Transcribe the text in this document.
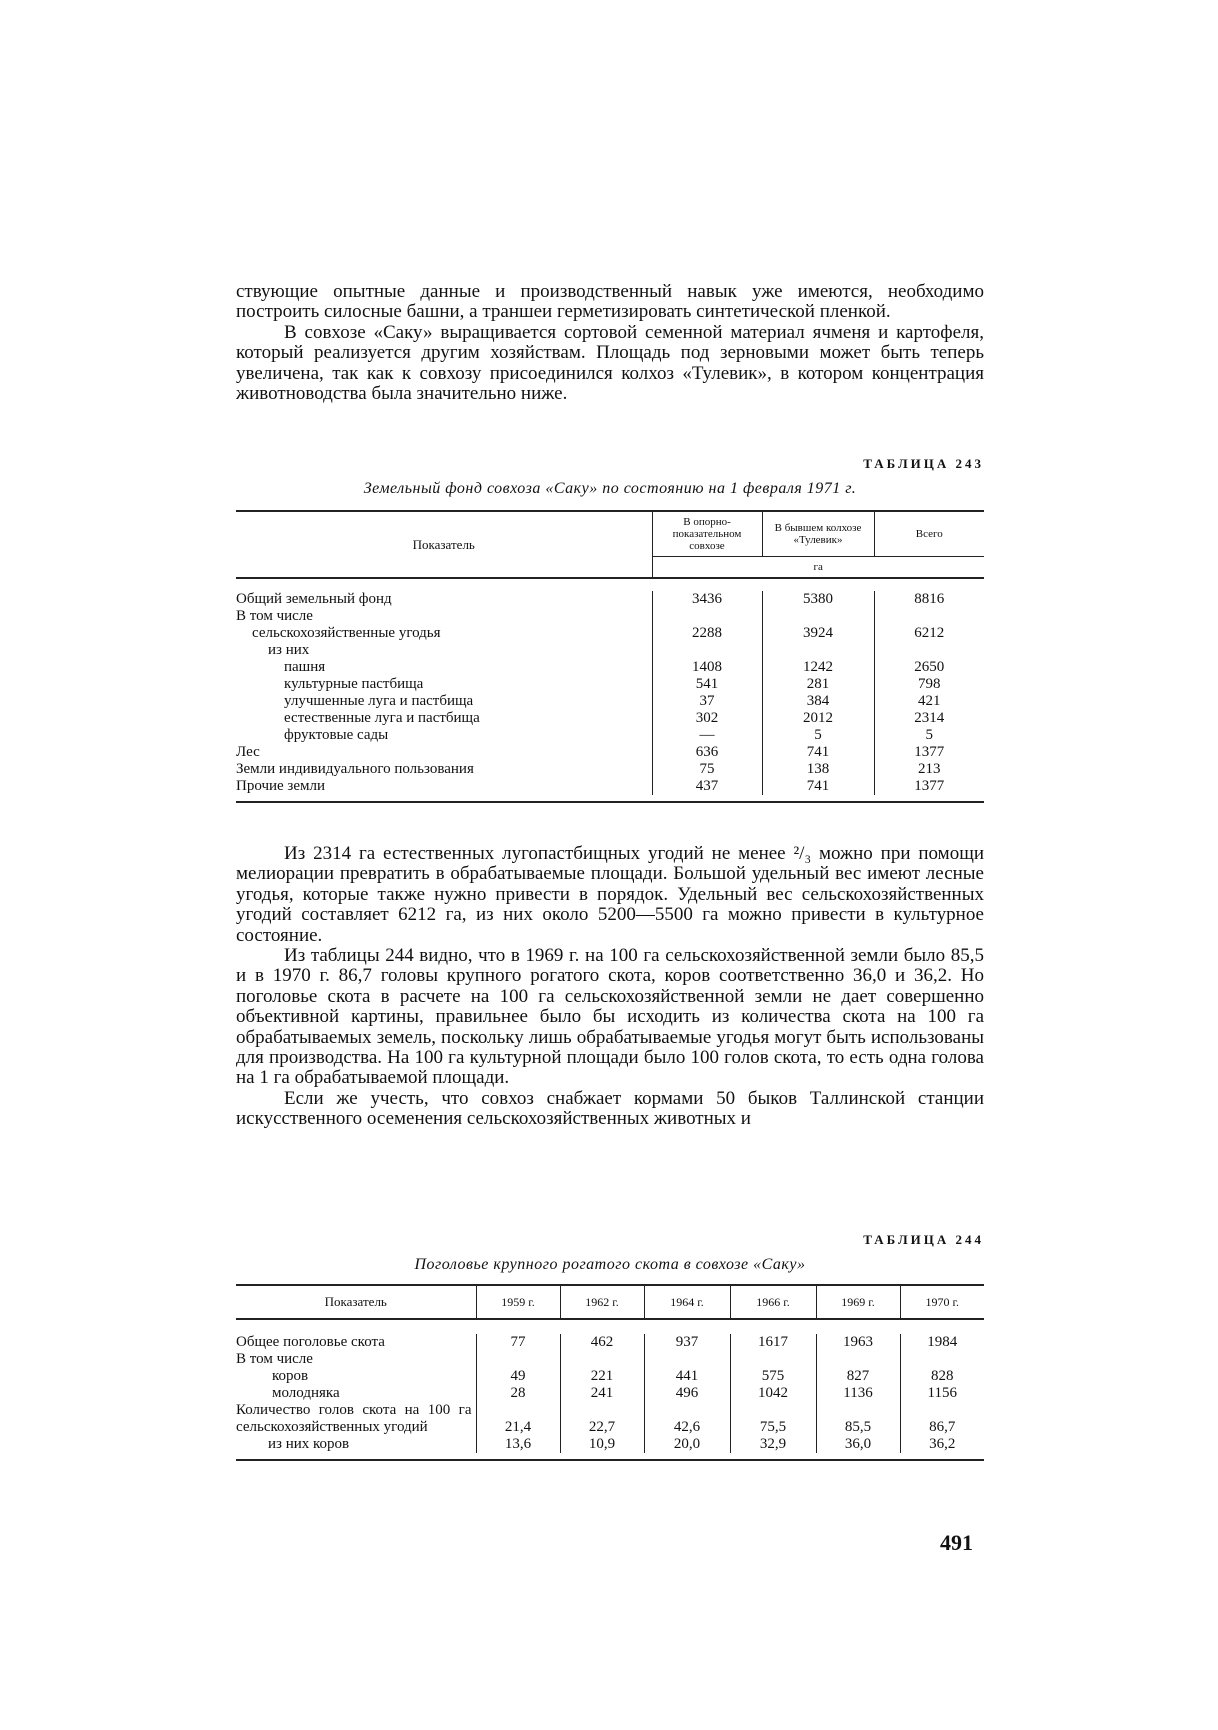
ствующие опытные данные и производственный навык уже имеются, необходимо построить силосные башни, а траншеи герметизировать синтетической пленкой.

В совхозе «Саку» выращивается сортовой семенной материал ячменя и картофеля, который реализуется другим хозяйствам. Площадь под зерновыми может быть теперь увеличена, так как к совхозу присоединился колхоз «Тулевик», в котором концентрация животноводства была значительно ниже.

ТАБЛИЦА 243
Земельный фонд совхоза «Саку» по состоянию на 1 февраля 1971 г.
Показатель	В опорно-показательном совхозе	В бывшем колхозе «Тулевик»	Всего
	га		

Общий земельный фонд	3436	5380	8816
В том числе			
сельскохозяйственные угодья	2288	3924	6212
из них			
пашня	1408	1242	2650
культурные пастбища	541	281	798
улучшенные луга и пастбища	37	384	421
естественные луга и пастбища	302	2012	2314
фруктовые сады	—	5	5
Лес	636	741	1377
Земли индивидуального пользования	75	138	213
Прочие земли	437	741	1377

Из 2314 га естественных лугопастбищных угодий не менее ²/₃ можно при помощи мелиорации превратить в обрабатываемые площади. Большой удельный вес имеют лесные угодья, которые также нужно привести в порядок. Удельный вес сельскохозяйственных угодий составляет 6212 га, из них около 5200—5500 га можно привести в культурное состояние.

Из таблицы 244 видно, что в 1969 г. на 100 га сельскохозяйственной земли было 85,5 и в 1970 г. 86,7 головы крупного рогатого скота, коров соответственно 36,0 и 36,2. Но поголовье скота в расчете на 100 га сельскохозяйственной земли не дает совершенно объективной картины, правильнее было бы исходить из количества скота на 100 га обрабатываемых земель, поскольку лишь обрабатываемые угодья могут быть использованы для производства. На 100 га культурной площади было 100 голов скота, то есть одна голова на 1 га обрабатываемой площади.

Если же учесть, что совхоз снабжает кормами 50 быков Таллинской станции искусственного осеменения сельскохозяйственных животных и

ТАБЛИЦА 244
Поголовье крупного рогатого скота в совхозе «Саку»
Показатель	1959 г.	1962 г.	1964 г.	1966 г.	1969 г.	1970 г.

Общее поголовье скота	77	462	937	1617	1963	1984
В том числе						
коров	49	221	441	575	827	828
молодняка	28	241	496	1042	1136	1156
Количество голов скота на 100 га сельскохозяйственных угодий	21,4	22,7	42,6	75,5	85,5	86,7
из них коров	13,6	10,9	20,0	32,9	36,0	36,2

491
